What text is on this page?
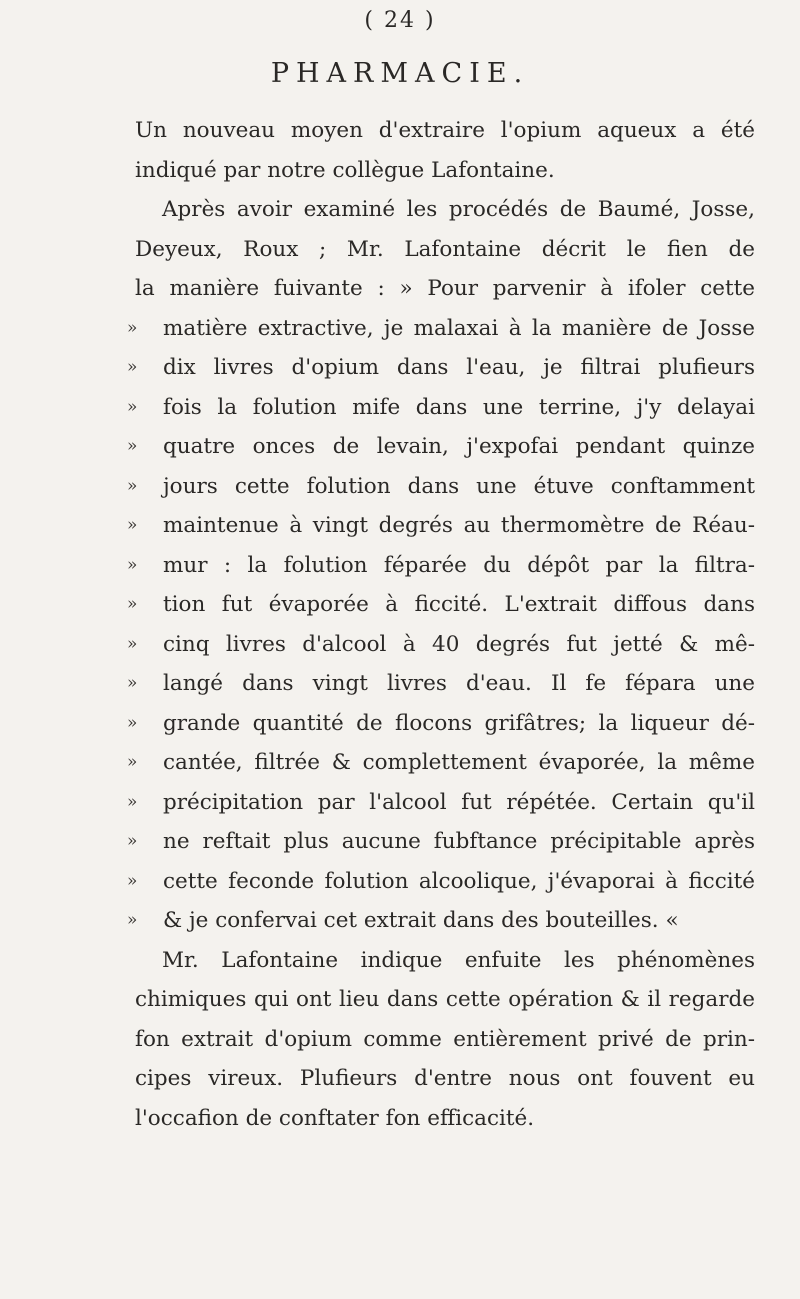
( 24 )
PHARMACIE.
Un nouveau moyen d'extraire l'opium aqueux a été
indiqué par notre collègue Lafontaine.
Après avoir examiné les procédés de Baumé, Josse,
Deyeux, Roux ; Mr. Lafontaine décrit le fien de
la manière fuivante : » Pour parvenir à ifoler cette
»	matière extractive, je malaxai à la manière de Josse
»	dix livres d'opium dans l'eau, je filtrai plufieurs
»	fois la folution mife dans une terrine, j'y delayai
»	quatre onces de levain, j'expofai pendant quinze
»	jours cette folution dans une étuve conftamment
»	maintenue à vingt degrés au thermomètre de Réau-
»	mur : la folution féparée du dépôt par la filtra-
»	tion fut évaporée à ficcité. L'extrait diffous dans
»	cinq livres d'alcool à 40 degrés fut jetté & mê-
»	langé dans vingt livres d'eau. Il fe fépara une
»	grande quantité de flocons grifâtres; la liqueur dé-
»	cantée, filtrée & complettement évaporée, la même
»	précipitation par l'alcool fut répétée. Certain qu'il
»	ne reftait plus aucune fubftance précipitable après
»	cette feconde folution alcoolique, j'évaporai à ficcité
»	& je confervai cet extrait dans des bouteilles. «
Mr. Lafontaine indique enfuite les phénomènes
chimiques qui ont lieu dans cette opération & il regarde
fon extrait d'opium comme entièrement privé de prin-
cipes vireux. Plufieurs d'entre nous ont fouvent eu
l'occafion de conftater fon efficacité.
